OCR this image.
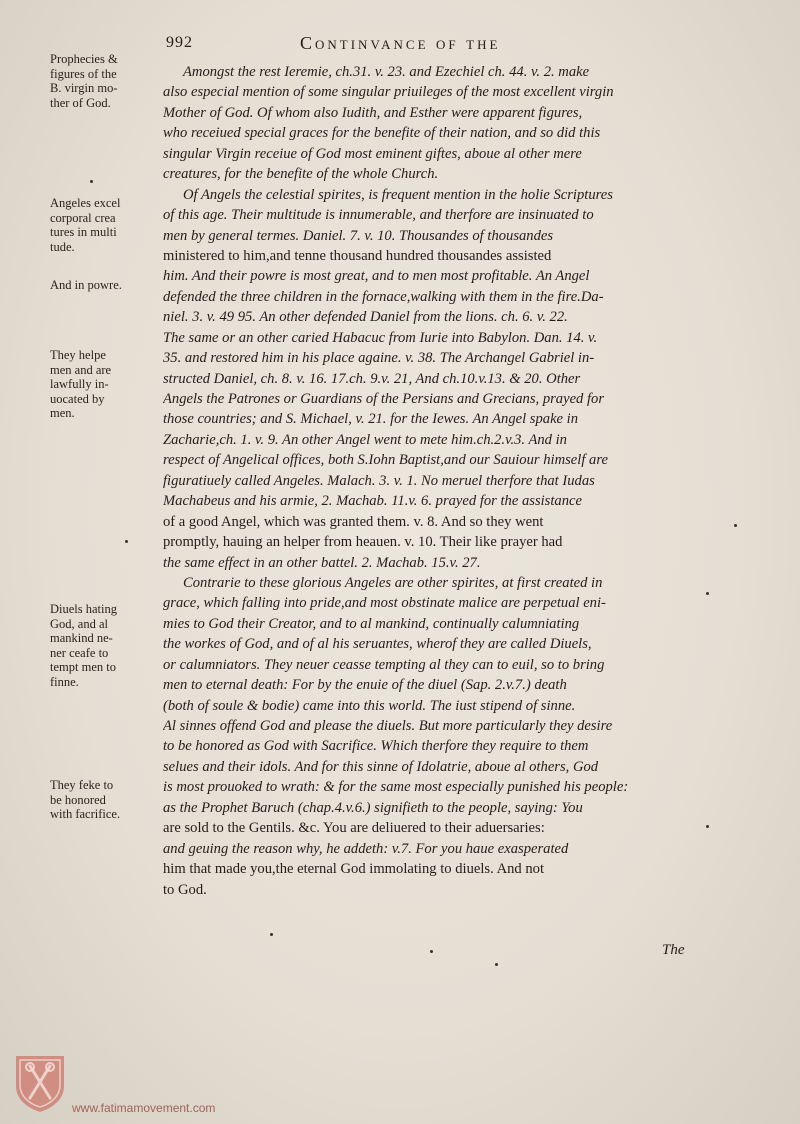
992	Continvance of the
Prophecies &
figures of the
B. virgin mo-
ther of God.
Angeles excel
corporal crea
tures in multi
tude.
And in powre.
They helpe
men and are
lawfully in-
uocated by
men.
Diuels hating
God, and al
mankind ne-
ner ceafe to
tempt men to
finne.
They feke to
be honored
with facrifice.
Amongst the rest Ieremie, ch.31. v. 23. and Ezechiel ch. 44. v. 2. make
also especial mention of some singular priuileges of the most excellent virgin
Mother of God. Of whom also Iudith, and Esther were apparent figures,
who receiued special graces for the benefite of their nation, and so did this
singular Virgin receiue of God most eminent giftes, aboue al other mere
creatures, for the benefite of the whole Church.
Of Angels the celestial spirites, is frequent mention in the holie Scriptures
of this age. Their multitude is innumerable, and therfore are insinuated to
men by general termes. Daniel. 7. v. 10. Thousandes of thousandes
ministered to him,and tenne thousand hundred thousandes assisted
him. And their powre is most great, and to men most profitable. An Angel
defended the three children in the fornace,walking with them in the fire.Da-
niel. 3. v. 49 95. An other defended Daniel from the lions. ch. 6. v. 22.
The same or an other caried Habacuc from Iurie into Babylon. Dan. 14. v.
35. and restored him in his place againe. v. 38. The Archangel Gabriel in-
structed Daniel, ch. 8. v. 16. 17.ch. 9.v. 21, And ch.10.v.13. & 20. Other
Angels the Patrones or Guardians of the Persians and Grecians, prayed for
those countries; and S. Michael, v. 21. for the Iewes. An Angel spake in
Zacharie,ch. 1. v. 9. An other Angel went to mete him.ch.2.v.3. And in
respect of Angelical offices, both S.Iohn Baptist,and our Sauiour himself are
figuratiuely called Angeles. Malach. 3. v. 1. No meruel therfore that Iudas
Machabeus and his armie, 2. Machab. 11.v. 6. prayed for the assistance
of a good Angel, which was granted them. v. 8. And so they went
promptly, hauing an helper from heauen. v. 10. Their like prayer had
the same effect in an other battel. 2. Machab. 15.v. 27.
Contrarie to these glorious Angeles are other spirites, at first created in
grace, which falling into pride,and most obstinate malice are perpetual eni-
mies to God their Creator, and to al mankind, continually calumniating
the workes of God, and of al his seruantes, wherof they are called Diuels,
or calumniators. They neuer ceasse tempting al they can to euil, so to bring
men to eternal death: For by the enuie of the diuel (Sap. 2.v.7.) death
(both of soule & bodie) came into this world. The iust stipend of sinne.
Al sinnes offend God and please the diuels. But more particularly they desire
to be honored as God with Sacrifice. Which therfore they require to them
selues and their idols. And for this sinne of Idolatrie, aboue al others, God
is most prouoked to wrath: & for the same most especially punished his people:
as the Prophet Baruch (chap.4.v.6.) signifieth to the people, saying: You
are sold to the Gentils. &c. You are deliuered to their aduersaries:
and geuing the reason why, he addeth: v.7. For you haue exasperated
him that made you,the eternal God immolating to diuels. And not
to God.
The
www.fatimamovement.com
